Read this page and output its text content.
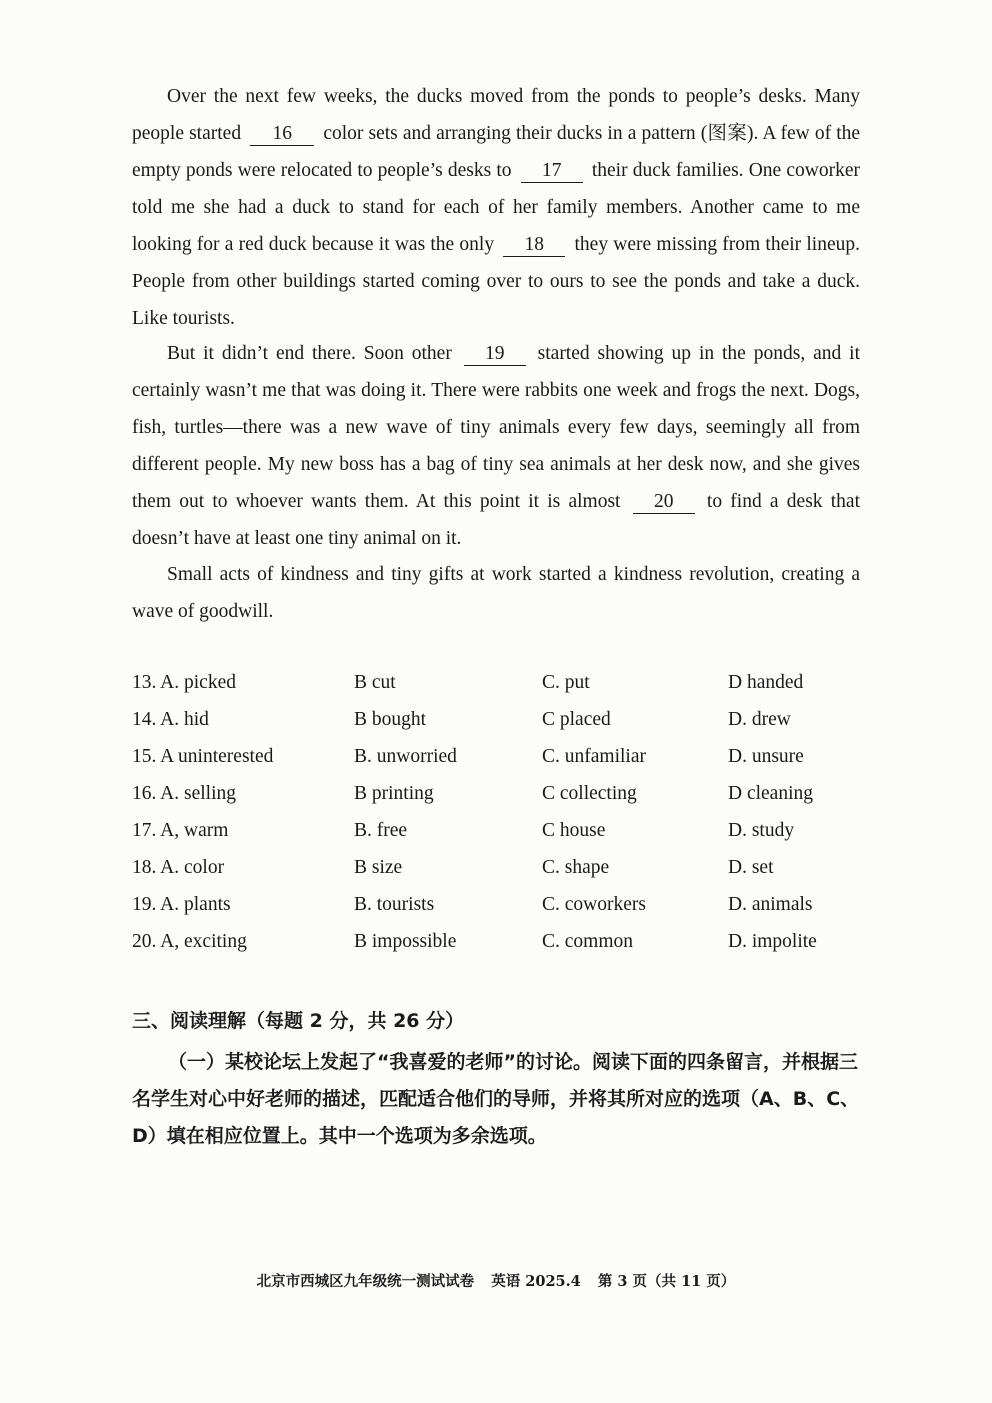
Over the next few weeks, the ducks moved from the ponds to people’s desks. Many people started 16 color sets and arranging their ducks in a pattern (图案). A few of the empty ponds were relocated to people’s desks to 17 their duck families. One coworker told me she had a duck to stand for each of her family members. Another came to me looking for a red duck because it was the only 18 they were missing from their lineup. People from other buildings started coming over to ours to see the ponds and take a duck. Like tourists.
But it didn’t end there. Soon other 19 started showing up in the ponds, and it certainly wasn’t me that was doing it. There were rabbits one week and frogs the next. Dogs, fish, turtles—there was a new wave of tiny animals every few days, seemingly all from different people. My new boss has a bag of tiny sea animals at her desk now, and she gives them out to whoever wants them. At this point it is almost 20 to find a desk that doesn’t have at least one tiny animal on it.
Small acts of kindness and tiny gifts at work started a kindness revolution, creating a wave of goodwill.
13. A. picked	B cut	C. put	D handed
14. A. hid	B bought	C placed	D. drew
15. A uninterested	B. unworried	C. unfamiliar	D. unsure
16. A. selling	B printing	C collecting	D cleaning
17. A, warm	B. free	C house	D. study
18. A. color	B size	C. shape	D. set
19. A. plants	B. tourists	C. coworkers	D. animals
20. A, exciting	B impossible	C. common	D. impolite
三、阅读理解（每题 2 分，共 26 分）
（一）某校论坛上发起了“我喜爱的老师”的讨论。阅读下面的四条留言，并根据三名学生对心中好老师的描述，匹配适合他们的导师，并将其所对应的选项（A、B、C、D）填在相应位置上。其中一个选项为多余选项。
北京市西城区九年级统一测试试卷 英语 2025.4 第 3 页（共 11 页）
